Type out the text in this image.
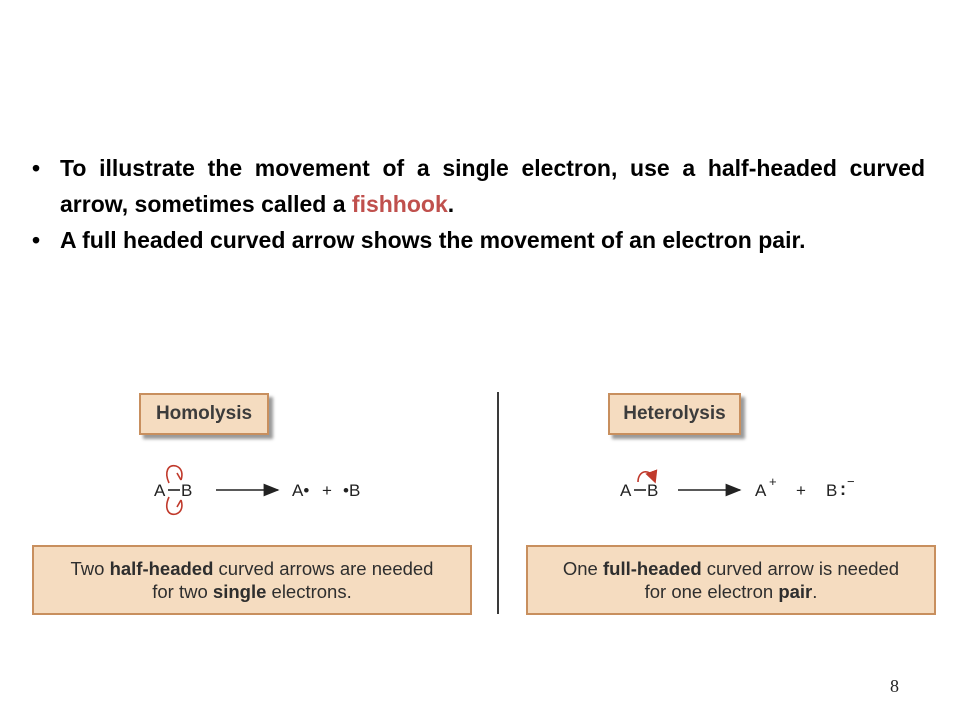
• To illustrate the movement of a single electron, use a half-headed curved arrow, sometimes called a fishhook.
• A full headed curved arrow shows the movement of an electron pair.
Homolysis
A B	A• + •B
Two half-headed curved arrows are needed
for two single electrons.
Heterolysis
A B	A + + B : −
One full-headed curved arrow is needed
for one electron pair.
8
